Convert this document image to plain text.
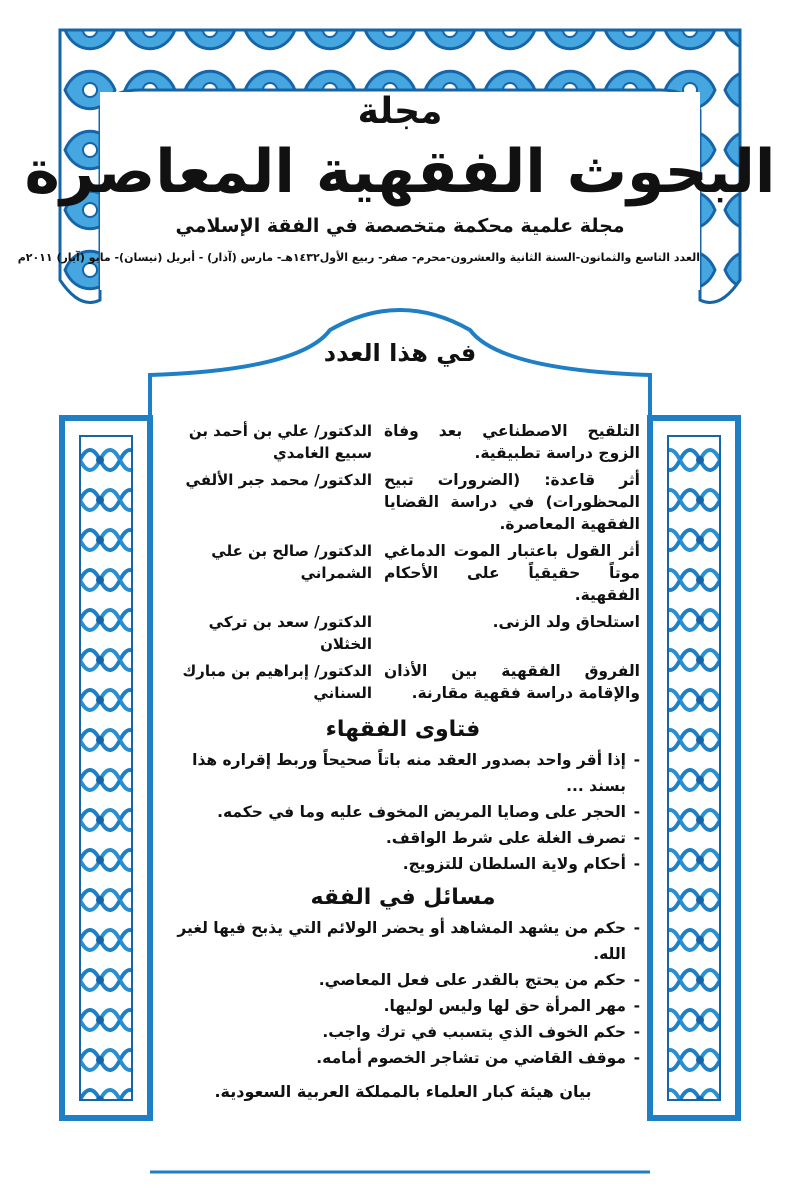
مجلة
البحوث الفقهية المعاصرة
مجلة علمية محكمة متخصصة في الفقة الإسلامي
العدد التاسع والثمانون-السنة الثانية والعشرون-محرم- صفر- ربيع الأول١٤٣٢هـ- مارس (آذار) - أبريل (نيسان)- مايو (آيار) ٢٠١١م
في هذا العدد
التلقيح الاصطناعي بعد وفاة الزوج دراسة تطبيقية.
الدكتور/ علي بن أحمد بن سبيع الغامدي
أثر قاعدة: (الضرورات تبيح المحظورات) في دراسة القضايا الفقهية المعاصرة.
الدكتور/ محمد جبر الألفي
أثر القول باعتبار الموت الدماغي موتاً حقيقياً على الأحكام الفقهية.
الدكتور/ صالح بن علي الشمراني
استلحاق ولد الزنى.
الدكتور/ سعد بن تركي الخثلان
الفروق الفقهية بين الأذان والإقامة دراسة فقهية مقارنة.
الدكتور/ إبراهيم بن مبارك السناني
فتاوى الفقهاء
- إذا أقر واحد بصدور العقد منه باتاً صحيحاً وربط إقراره هذا بسند ...
- الحجر على وصايا المريض المخوف عليه وما في حكمه.
- تصرف الغلة على شرط الواقف.
- أحكام ولاية السلطان للتزويج.
مسائل في الفقه
- حكم من يشهد المشاهد أو يحضر الولائم التي يذبح فيها لغير الله.
- حكم من يحتج بالقدر على فعل المعاصي.
- مهر المرأة حق لها وليس لوليها.
- حكم الخوف الذي يتسبب في ترك واجب.
- موقف القاضي من تشاجر الخصوم أمامه.
بيان هيئة كبار العلماء بالمملكة العربية السعودية.
